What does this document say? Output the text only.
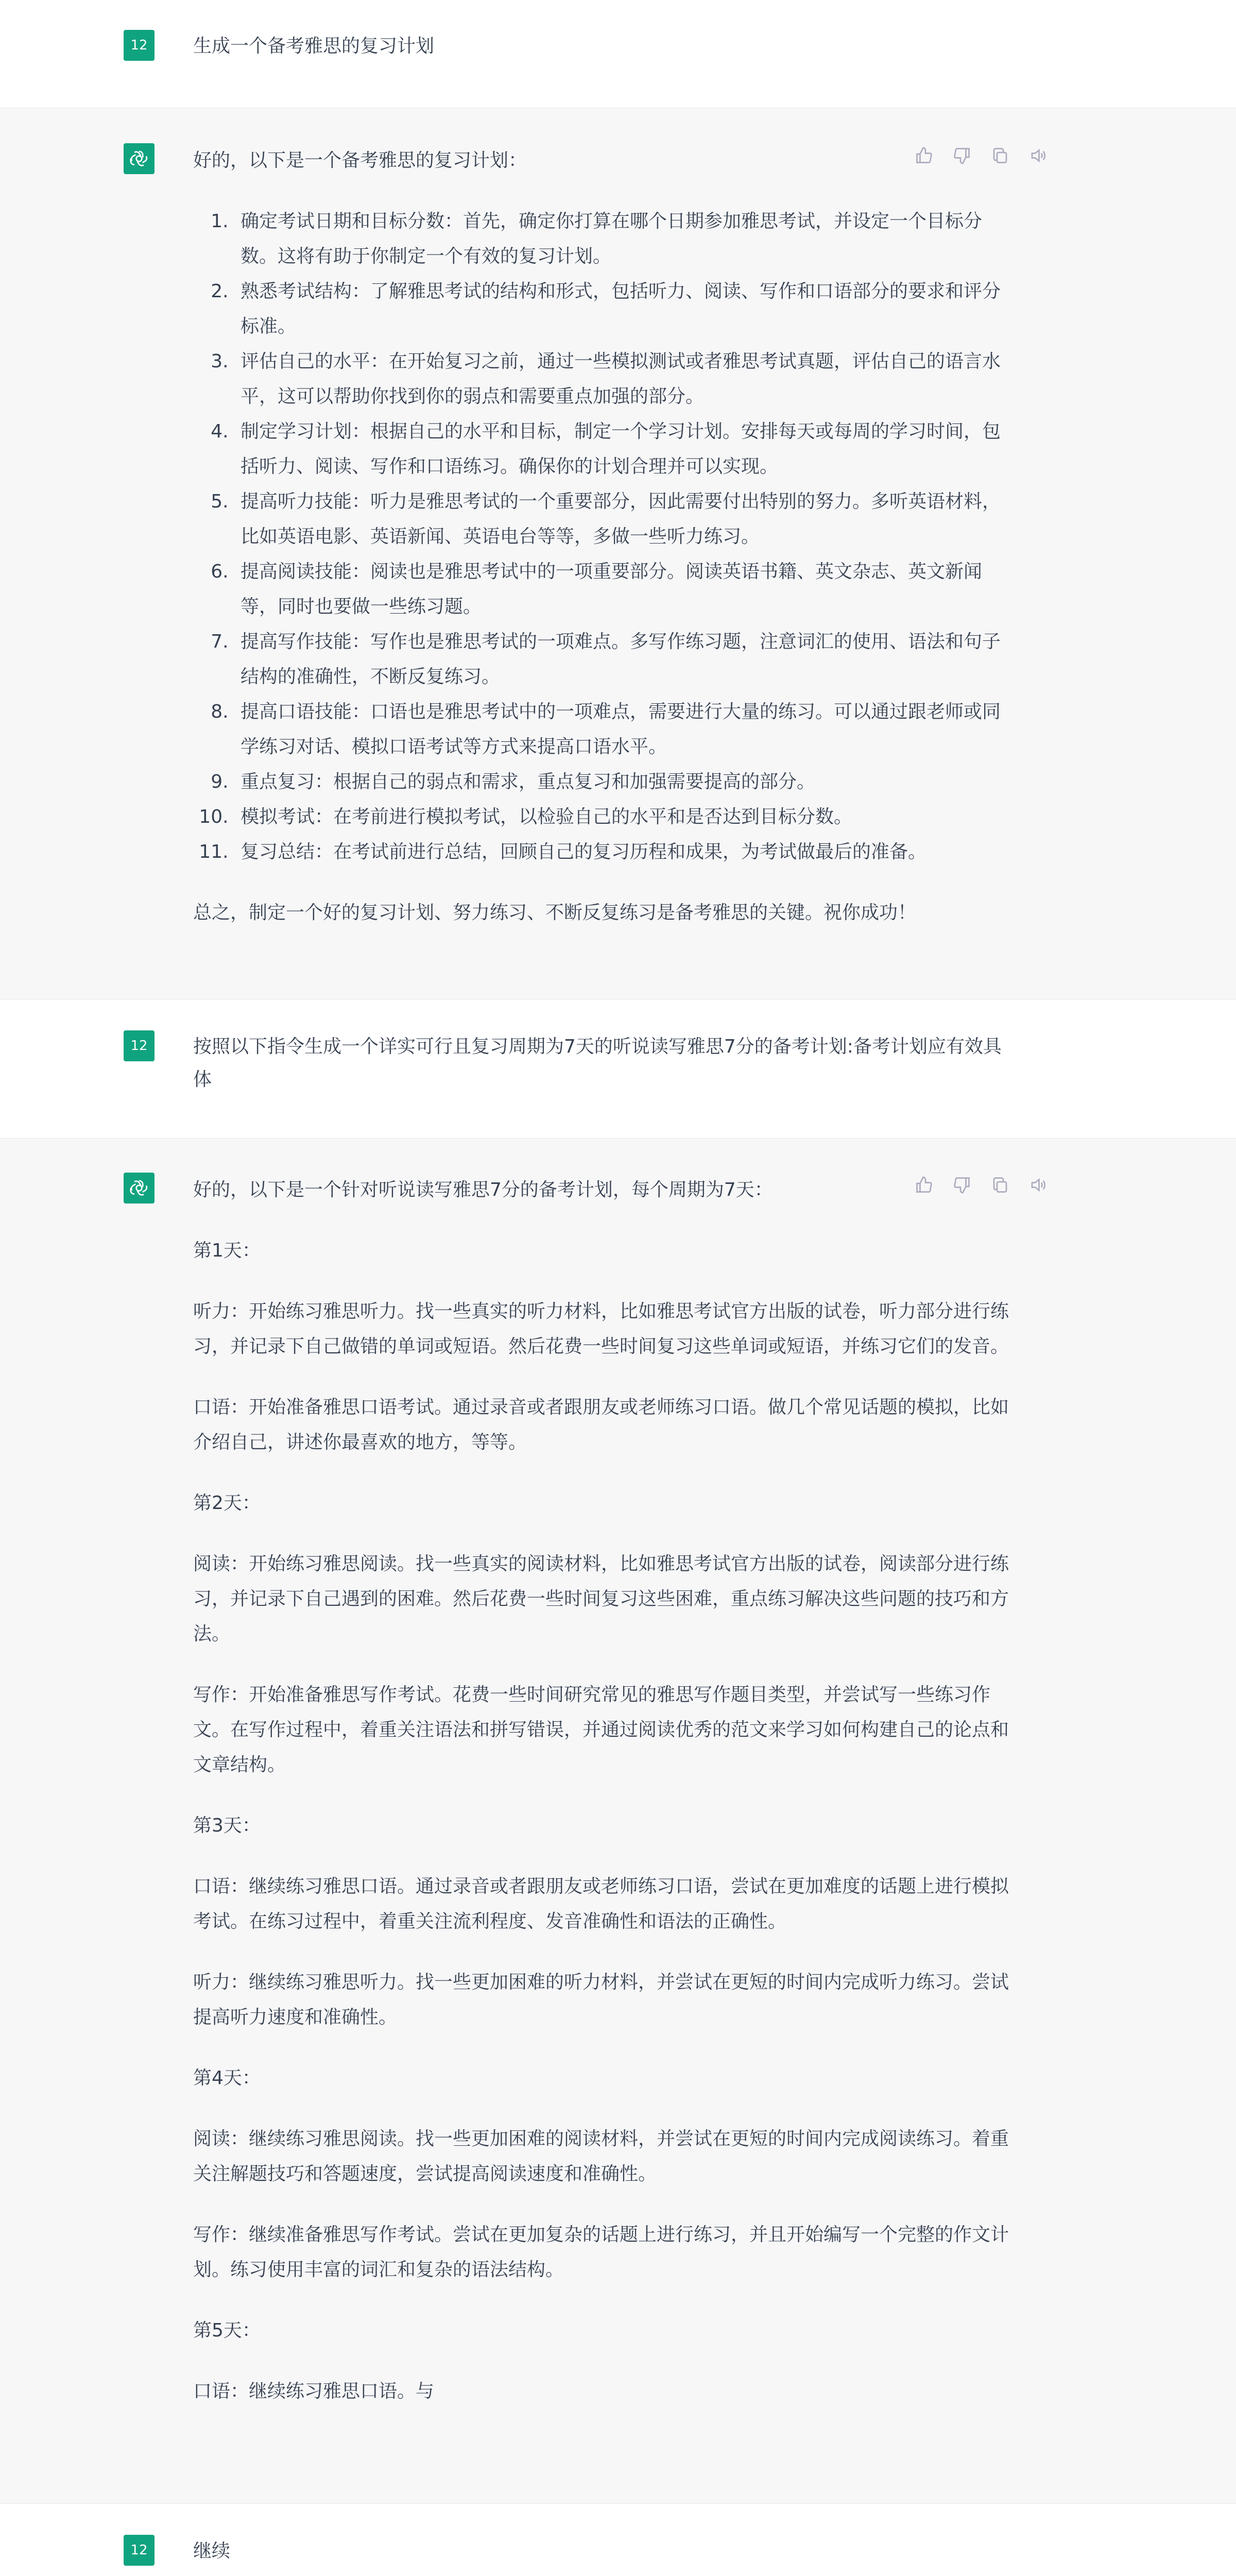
12 生成一个备考雅思的复习计划

好的，以下是一个备考雅思的复习计划：

1. 确定考试日期和目标分数：首先，确定你打算在哪个日期参加雅思考试，并设定一个目标分数。这将有助于你制定一个有效的复习计划。
2. 熟悉考试结构：了解雅思考试的结构和形式，包括听力、阅读、写作和口语部分的要求和评分标准。
3. 评估自己的水平：在开始复习之前，通过一些模拟测试或者雅思考试真题，评估自己的语言水平，这可以帮助你找到你的弱点和需要重点加强的部分。
4. 制定学习计划：根据自己的水平和目标，制定一个学习计划。安排每天或每周的学习时间，包括听力、阅读、写作和口语练习。确保你的计划合理并可以实现。
5. 提高听力技能：听力是雅思考试的一个重要部分，因此需要付出特别的努力。多听英语材料，比如英语电影、英语新闻、英语电台等等，多做一些听力练习。
6. 提高阅读技能：阅读也是雅思考试中的一项重要部分。阅读英语书籍、英文杂志、英文新闻等，同时也要做一些练习题。
7. 提高写作技能：写作也是雅思考试的一项难点。多写作练习题，注意词汇的使用、语法和句子结构的准确性，不断反复练习。
8. 提高口语技能：口语也是雅思考试中的一项难点，需要进行大量的练习。可以通过跟老师或同学练习对话、模拟口语考试等方式来提高口语水平。
9. 重点复习：根据自己的弱点和需求，重点复习和加强需要提高的部分。
10. 模拟考试：在考前进行模拟考试，以检验自己的水平和是否达到目标分数。
11. 复习总结：在考试前进行总结，回顾自己的复习历程和成果，为考试做最后的准备。

总之，制定一个好的复习计划、努力练习、不断反复练习是备考雅思的关键。祝你成功！

12 按照以下指令生成一个详实可行且复习周期为7天的听说读写雅思7分的备考计划:备考计划应有效具体

好的，以下是一个针对听说读写雅思7分的备考计划，每个周期为7天：

第1天：

听力：开始练习雅思听力。找一些真实的听力材料，比如雅思考试官方出版的试卷，听力部分进行练习，并记录下自己做错的单词或短语。然后花费一些时间复习这些单词或短语，并练习它们的发音。

口语：开始准备雅思口语考试。通过录音或者跟朋友或老师练习口语。做几个常见话题的模拟，比如介绍自己，讲述你最喜欢的地方，等等。

第2天：

阅读：开始练习雅思阅读。找一些真实的阅读材料，比如雅思考试官方出版的试卷，阅读部分进行练习，并记录下自己遇到的困难。然后花费一些时间复习这些困难，重点练习解决这些问题的技巧和方法。

写作：开始准备雅思写作考试。花费一些时间研究常见的雅思写作题目类型，并尝试写一些练习作文。在写作过程中，着重关注语法和拼写错误，并通过阅读优秀的范文来学习如何构建自己的论点和文章结构。

第3天：

口语：继续练习雅思口语。通过录音或者跟朋友或老师练习口语，尝试在更加难度的话题上进行模拟考试。在练习过程中，着重关注流利程度、发音准确性和语法的正确性。

听力：继续练习雅思听力。找一些更加困难的听力材料，并尝试在更短的时间内完成听力练习。尝试提高听力速度和准确性。

第4天：

阅读：继续练习雅思阅读。找一些更加困难的阅读材料，并尝试在更短的时间内完成阅读练习。着重关注解题技巧和答题速度，尝试提高阅读速度和准确性。

写作：继续准备雅思写作考试。尝试在更加复杂的话题上进行练习，并且开始编写一个完整的作文计划。练习使用丰富的词汇和复杂的语法结构。

第5天：

口语：继续练习雅思口语。与

12 继续
